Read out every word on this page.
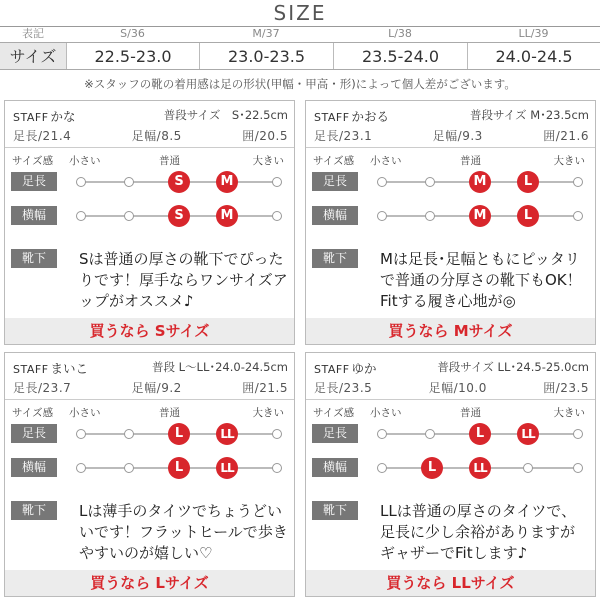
SIZE
表記	S/36	M/37	L/38	LL/39
サイズ	22.5-23.0	23.0-23.5	23.5-24.0	24.0-24.5
※スタッフの靴の着用感は足の形状(甲幅・甲高・形)によって個人差がございます。
STAFF かな	普段サイズ　S･22.5cm
足長/21.4	足幅/8.5	囲/20.5
サイズ感 小さい	普通	大きい
足長	S	M
横幅	S	M
靴下	Sは普通の厚さの靴下でぴったりです！厚手ならワンサイズアップがオススメ♪
買うなら Sサイズ
STAFF かおる	普段サイズ M･23.5cm
足長/23.1	足幅/9.3	囲/21.6
サイズ感 小さい	普通	大きい
足長	M	L
横幅	M	L
靴下	Mは足長･足幅ともにピッタリで普通の分厚さの靴下もOK！Fitする履き心地が◎
買うなら Mサイズ
STAFF まいこ	普段 L〜LL･24.0-24.5cm
足長/23.7	足幅/9.2	囲/21.5
サイズ感 小さい	普通	大きい
足長	L	LL
横幅	L	LL
靴下	Lは薄手のタイツでちょうどいいです！フラットヒールで歩きやすいのが嬉しい♡
買うなら Lサイズ
STAFF ゆか	普段サイズ LL･24.5-25.0cm
足長/23.5	足幅/10.0	囲/23.5
サイズ感 小さい	普通	大きい
足長	L	LL
横幅	L	LL
靴下	LLは普通の厚さのタイツで、足長に少し余裕がありますがギャザーでFitします♪
買うなら LLサイズ
